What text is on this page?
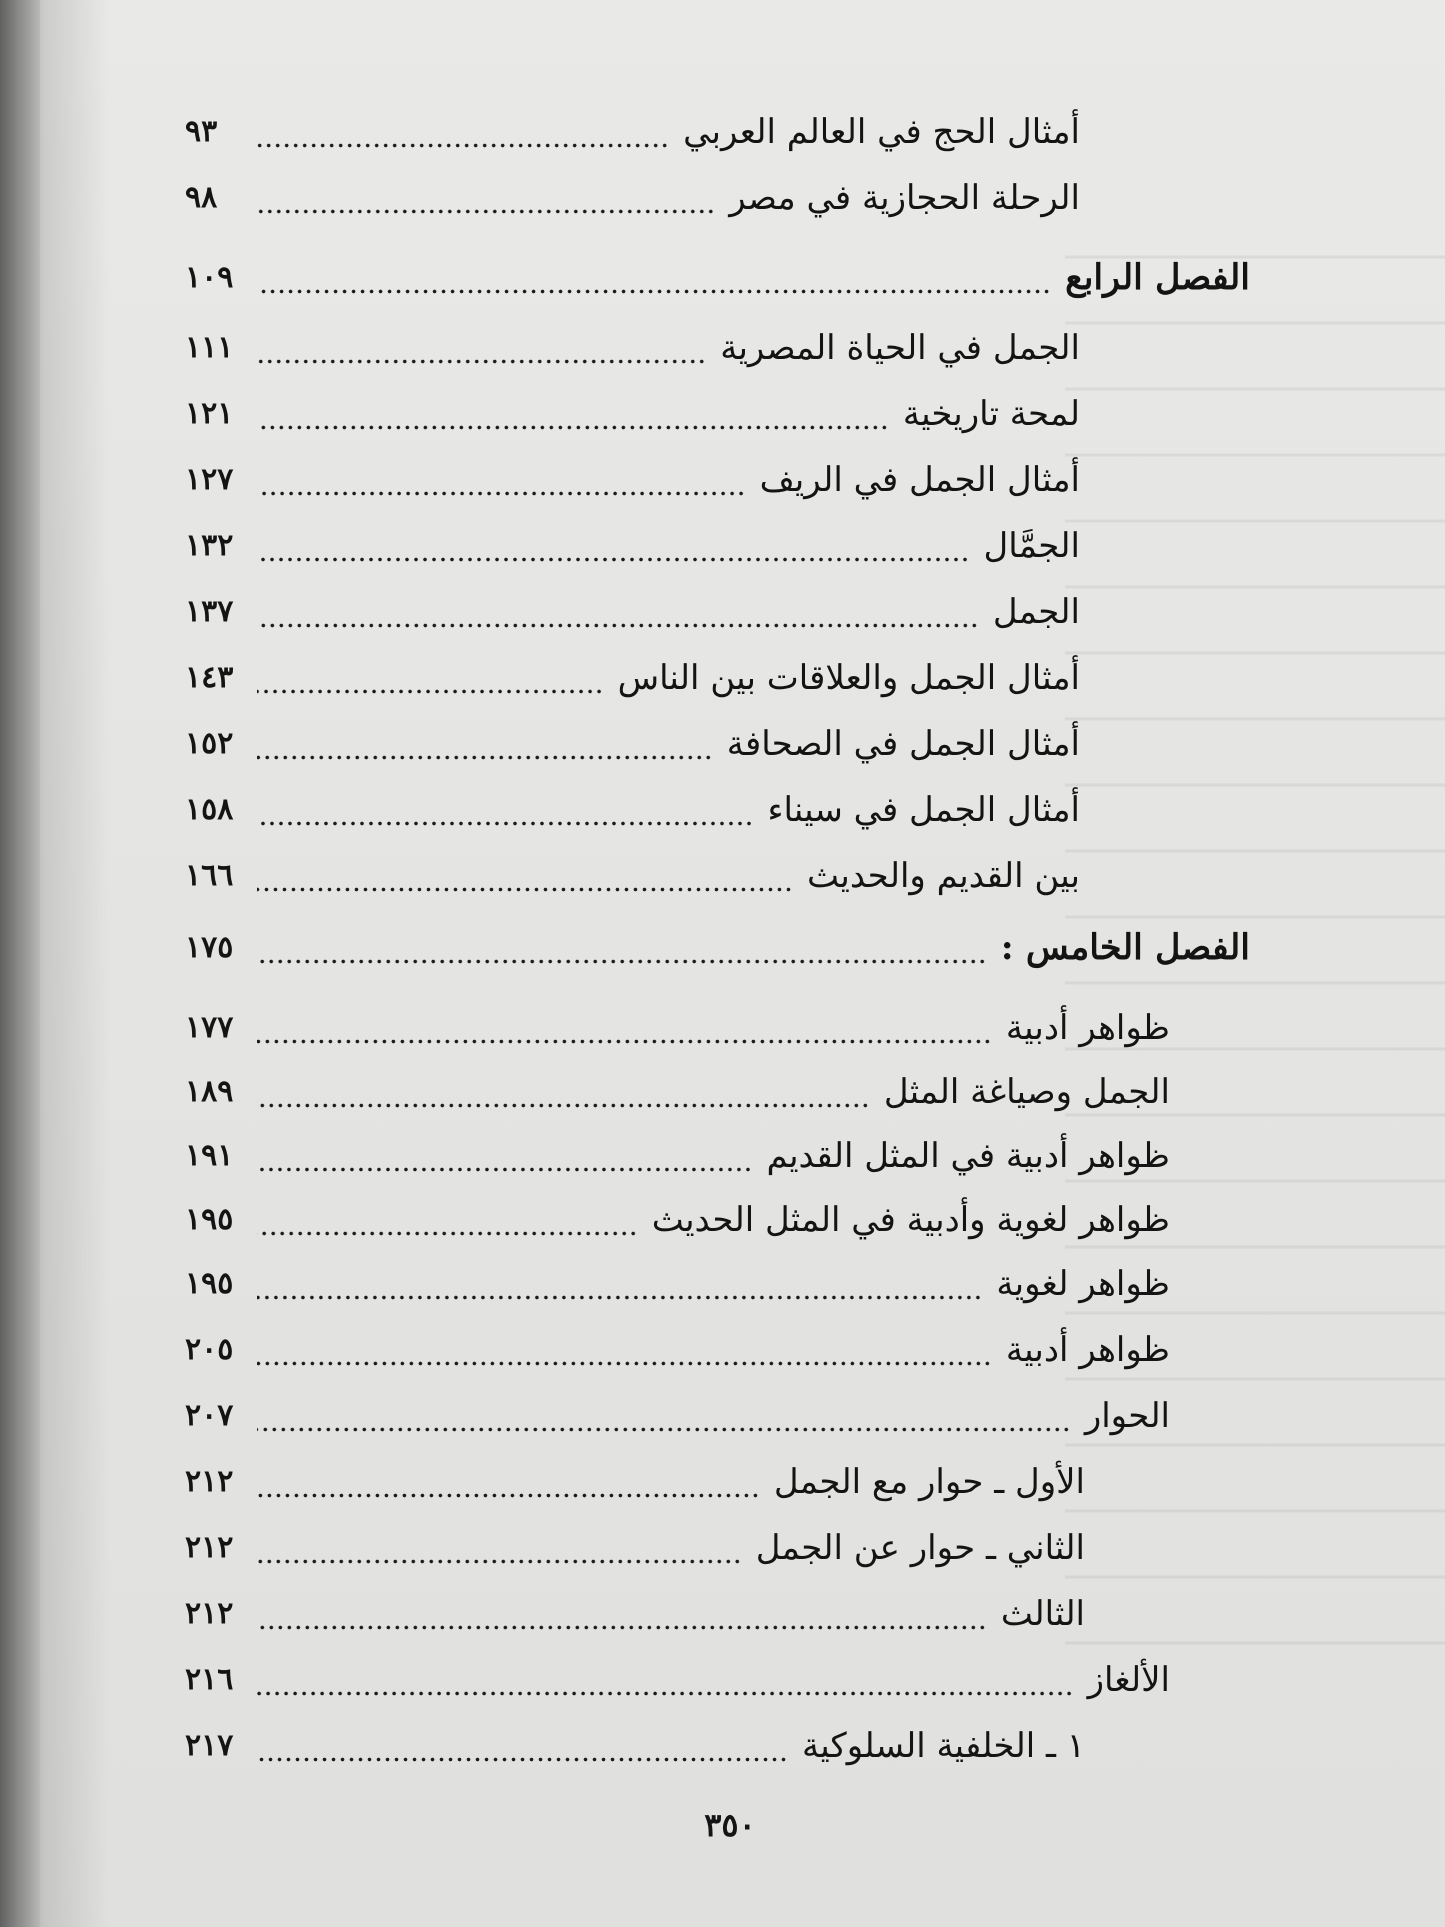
أمثال الحج في العالم العربي
٩٣
الرحلة الحجازية في مصر
٩٨
الفصل الرابع
١٠٩
الجمل في الحياة المصرية
١١١
لمحة تاريخية
١٢١
أمثال الجمل في الريف
١٢٧
الجمَّال
١٣٢
الجمل
١٣٧
أمثال الجمل والعلاقات بين الناس
١٤٣
أمثال الجمل في الصحافة
١٥٢
أمثال الجمل في سيناء
١٥٨
بين القديم والحديث
١٦٦
الفصل الخامس :
١٧٥
ظواهر أدبية
١٧٧
الجمل وصياغة المثل
١٨٩
ظواهر أدبية في المثل القديم
١٩١
ظواهر لغوية وأدبية في المثل الحديث
١٩٥
ظواهر لغوية
١٩٥
ظواهر أدبية
٢٠٥
الحوار
٢٠٧
الأول ـ حوار مع الجمل
٢١٢
الثاني ـ حوار عن الجمل
٢١٢
الثالث
٢١٢
الألغاز
٢١٦
١ ـ الخلفية السلوكية
٢١٧
٣٥٠
